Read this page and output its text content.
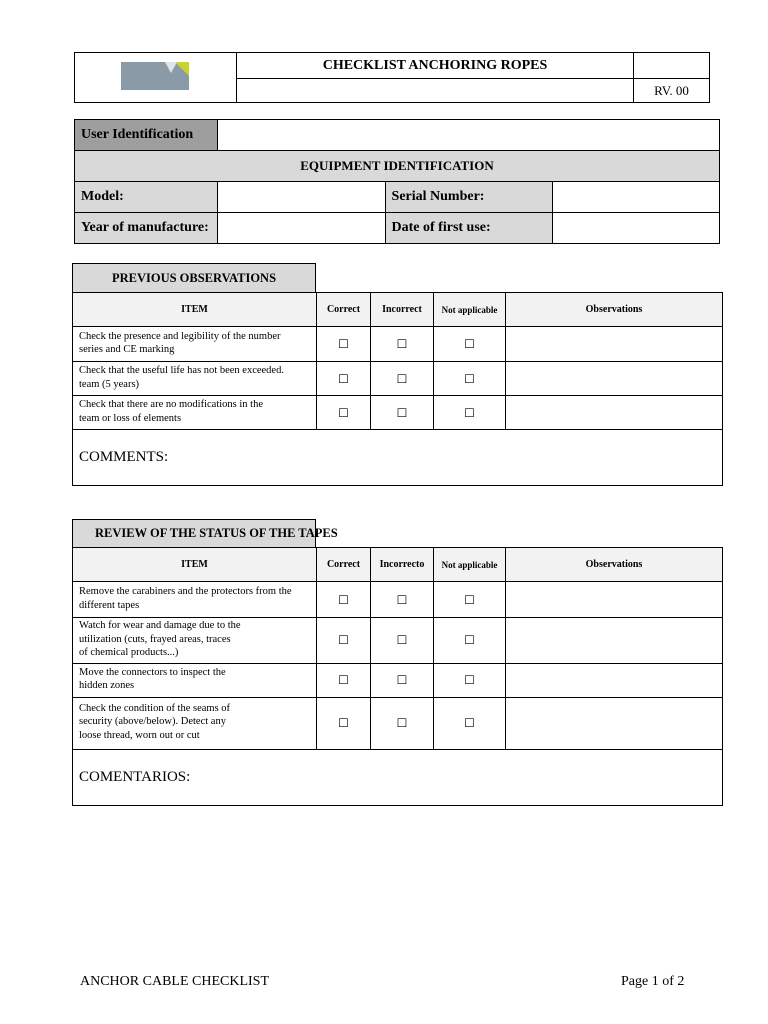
	CHECKLIST ANCHORING ROPES	
		RV. 00
User Identification			
EQUIPMENT IDENTIFICATION			
Model:		Serial Number:	
Year of manufacture:		Date of first use:	
PREVIOUS OBSERVATIONS
ITEM	Correct	Incorrect	Not applicable	Observations
Check the presence and legibility of the number
series and CE marking	☐	☐	☐	
Check that the useful life has not been exceeded.
team (5 years)	☐	☐	☐	
Check that there are no modifications in the
team or loss of elements	☐	☐	☐	
COMMENTS:				
REVIEW OF THE STATUS OF THE TAPES
ITEM	Correct	Incorrecto	Not applicable	Observations
Remove the carabiners and the protectors from the
different tapes	☐	☐	☐	
Watch for wear and damage due to the
utilization (cuts, frayed areas, traces
of chemical products...)	☐	☐	☐	
Move the connectors to inspect the
hidden zones	☐	☐	☐	
Check the condition of the seams of
security (above/below). Detect any
loose thread, worn out or cut	☐	☐	☐	
COMENTARIOS:				
ANCHOR CABLE CHECKLIST	Page 1 of 2
